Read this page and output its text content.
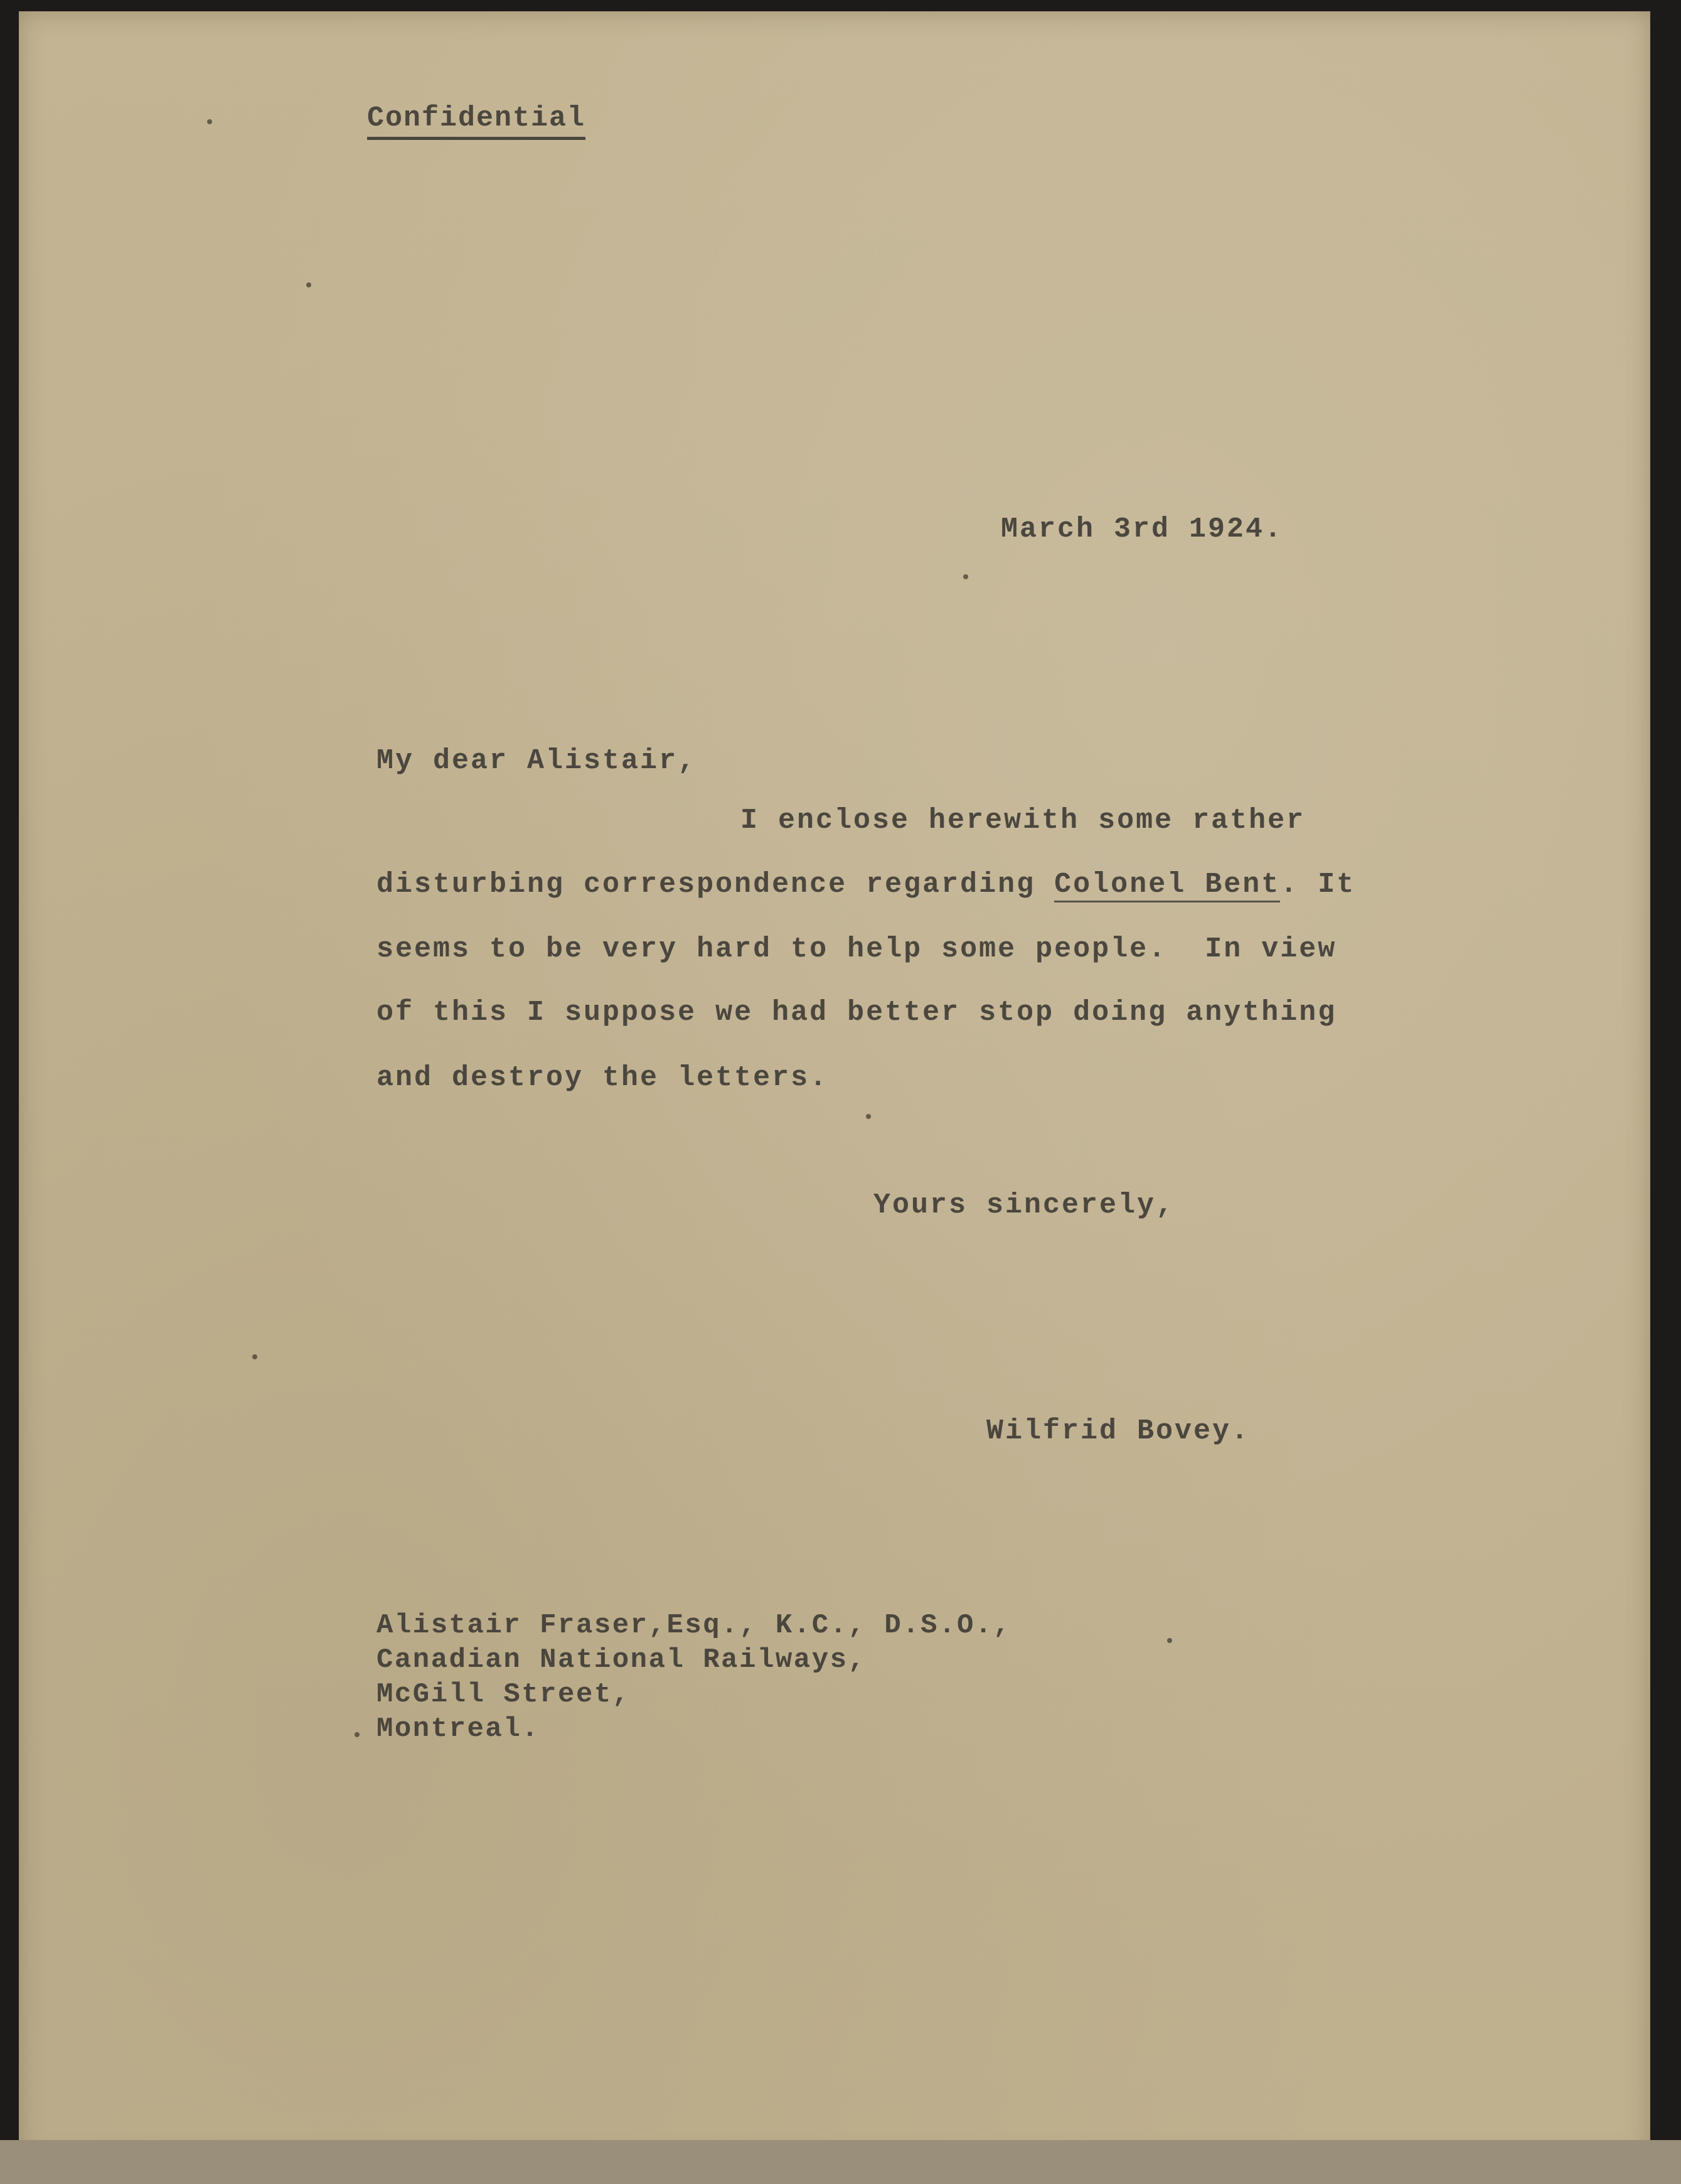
Confidential
March 3rd 1924.
My dear Alistair,
I enclose herewith some rather
disturbing correspondence regarding Colonel Bent. It
seems to be very hard to help some people.  In view
of this I suppose we had better stop doing anything
and destroy the letters.
Yours sincerely,
Wilfrid Bovey.
Alistair Fraser,Esq., K.C., D.S.O.,
Canadian National Railways,
McGill Street,
Montreal.
